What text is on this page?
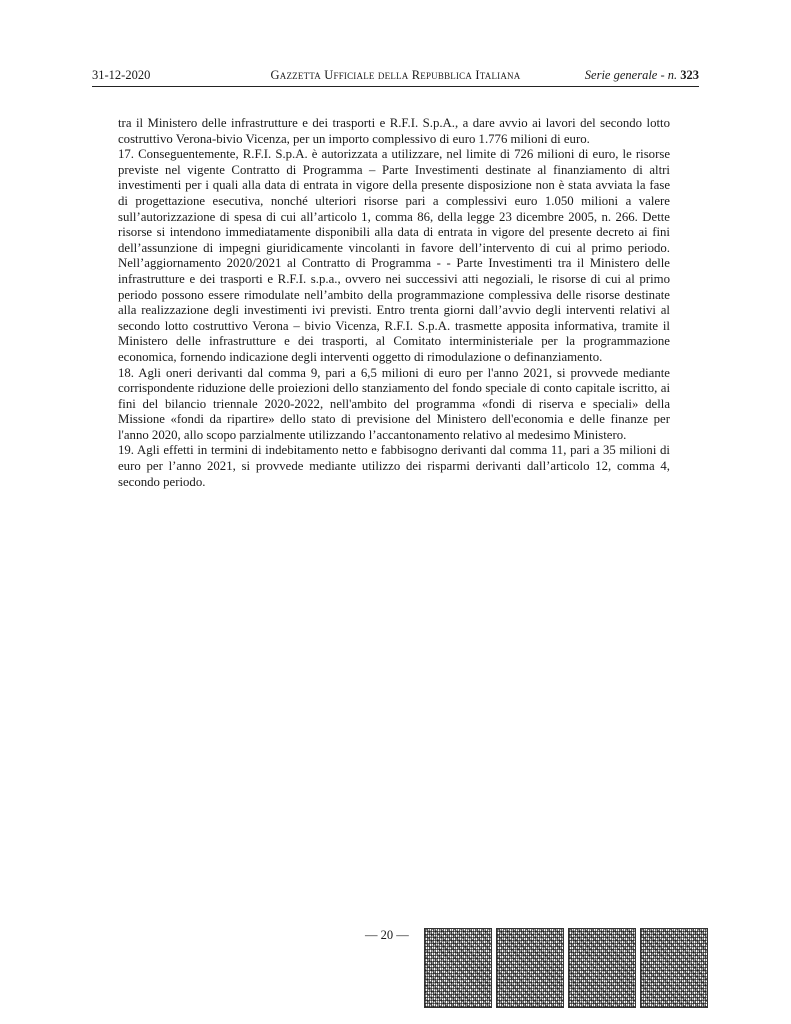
31-12-2020	Gazzetta Ufficiale della Repubblica Italiana	Serie generale - n. 323

tra il Ministero delle infrastrutture e dei trasporti e R.F.I. S.p.A., a dare avvio ai lavori del secondo lotto costruttivo Verona-bivio Vicenza, per un importo complessivo di euro 1.776 milioni di euro.

17. Conseguentemente, R.F.I. S.p.A. è autorizzata a utilizzare, nel limite di 726 milioni di euro, le risorse previste nel vigente Contratto di Programma – Parte Investimenti destinate al finanziamento di altri investimenti per i quali alla data di entrata in vigore della presente disposizione non è stata avviata la fase di progettazione esecutiva, nonché ulteriori risorse pari a complessivi euro 1.050 milioni a valere sull’autorizzazione di spesa di cui all’articolo 1, comma 86, della legge 23 dicembre 2005, n. 266. Dette risorse si intendono immediatamente disponibili alla data di entrata in vigore del presente decreto ai fini dell’assunzione di impegni giuridicamente vincolanti in favore dell’intervento di cui al primo periodo. Nell’aggiornamento 2020/2021 al Contratto di Programma - - Parte Investimenti tra il Ministero delle infrastrutture e dei trasporti e R.F.I. s.p.a., ovvero nei successivi atti negoziali, le risorse di cui al primo periodo possono essere rimodulate nell’ambito della programmazione complessiva delle risorse destinate alla realizzazione degli investimenti ivi previsti. Entro trenta giorni dall’avvio degli interventi relativi al secondo lotto costruttivo Verona – bivio Vicenza, R.F.I. S.p.A. trasmette apposita informativa, tramite il Ministero delle infrastrutture e dei trasporti, al Comitato interministeriale per la programmazione economica, fornendo indicazione degli interventi oggetto di rimodulazione o definanziamento.

18. Agli oneri derivanti dal comma 9, pari a 6,5 milioni di euro per l'anno 2021, si provvede mediante corrispondente riduzione delle proiezioni dello stanziamento del fondo speciale di conto capitale iscritto, ai fini del bilancio triennale 2020-2022, nell'ambito del programma «fondi di riserva e speciali» della Missione «fondi da ripartire» dello stato di previsione del Ministero dell'economia e delle finanze per l'anno 2020, allo scopo parzialmente utilizzando l’accantonamento relativo al medesimo Ministero.

19. Agli effetti in termini di indebitamento netto e fabbisogno derivanti dal comma 11, pari a 35 milioni di euro per l’anno 2021, si provvede mediante utilizzo dei risparmi derivanti dall’articolo 12, comma 4, secondo periodo.

— 20 —
